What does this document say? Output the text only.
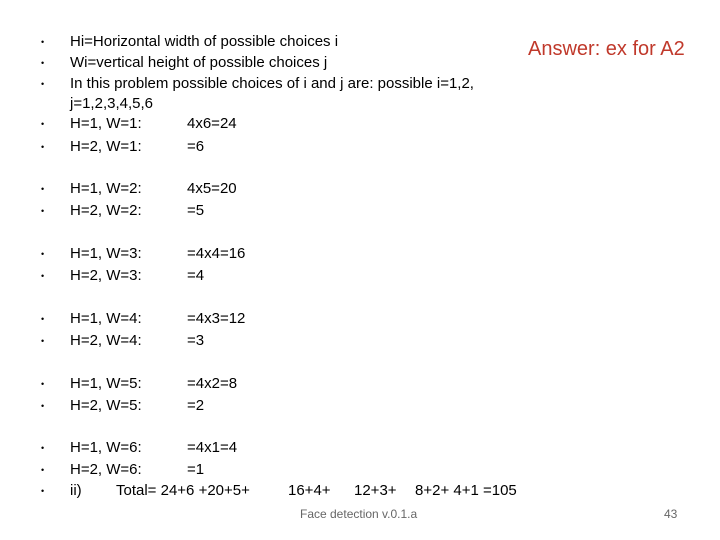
Answer: ex for A2
• Hi=Horizontal width of possible choices i
• Wi=vertical height of possible choices j
• In this problem possible choices of i and j are: possible i=1,2,
j=1,2,3,4,5,6
• H=1, W=1:	4x6=24
• H=2, W=1:	=6
• H=1, W=2:	4x5=20
• H=2, W=2:	=5
• H=1, W=3:	=4x4=16
• H=2, W=3:	=4
• H=1, W=4:	=4x3=12
• H=2, W=4:	=3
• H=1, W=5:	=4x2=8
• H=2, W=5:	=2
• H=1, W=6:	=4x1=4
• H=2, W=6:	=1
• ii) Total= 24+6 +20+5+	16+4+ 12+3+ 8+2+ 4+1 =105
Face detection v.0.1.a	43
